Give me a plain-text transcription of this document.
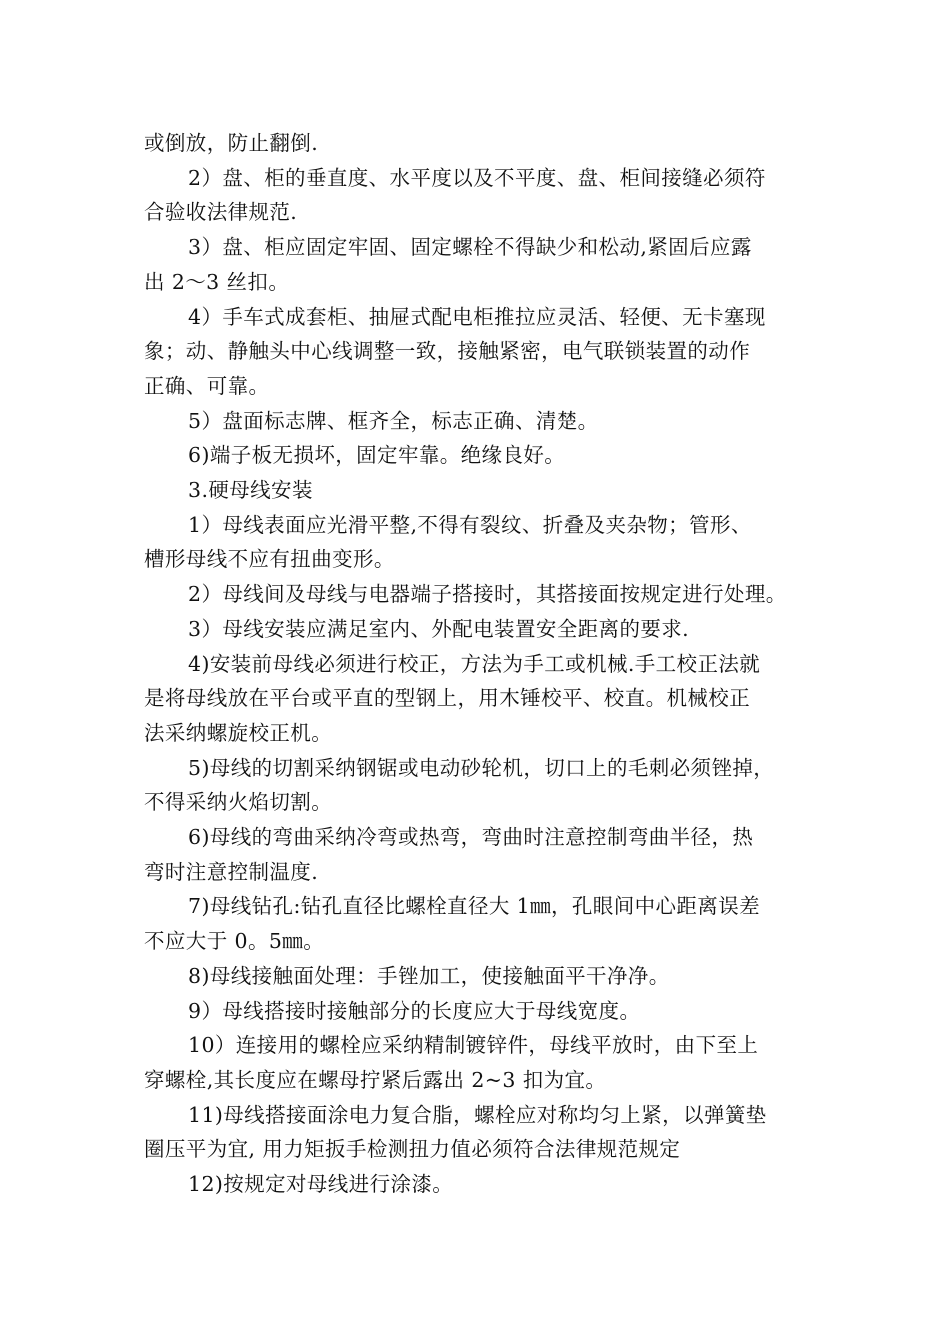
或倒放，防止翻倒.
2）盘、柜的垂直度、水平度以及不平度、盘、柜间接缝必须符
合验收法律规范.
3）盘、柜应固定牢固、固定螺栓不得缺少和松动,紧固后应露
出 2～3 丝扣。
4）手车式成套柜、抽屉式配电柜推拉应灵活、轻便、无卡塞现
象；动、静触头中心线调整一致，接触紧密，电气联锁装置的动作
正确、可靠。
5）盘面标志牌、框齐全，标志正确、清楚。
6)端子板无损坏，固定牢靠。绝缘良好。
3.硬母线安装
1）母线表面应光滑平整,不得有裂纹、折叠及夹杂物；管形、
槽形母线不应有扭曲变形。
2）母线间及母线与电器端子搭接时，其搭接面按规定进行处理。
3）母线安装应满足室内、外配电装置安全距离的要求.
4)安装前母线必须进行校正，方法为手工或机械.手工校正法就
是将母线放在平台或平直的型钢上，用木锤校平、校直。机械校正
法采纳螺旋校正机。
5)母线的切割采纳钢锯或电动砂轮机，切口上的毛刺必须锉掉，
不得采纳火焰切割。
6)母线的弯曲采纳冷弯或热弯，弯曲时注意控制弯曲半径，热
弯时注意控制温度.
7)母线钻孔:钻孔直径比螺栓直径大 1㎜，孔眼间中心距离误差
不应大于 0。5㎜。
8)母线接触面处理：手锉加工，使接触面平干净净。
9）母线搭接时接触部分的长度应大于母线宽度。
10）连接用的螺栓应采纳精制镀锌件，母线平放时，由下至上
穿螺栓,其长度应在螺母拧紧后露出 2~3 扣为宜。
11)母线搭接面涂电力复合脂，螺栓应对称均匀上紧，以弹簧垫
圈压平为宜, 用力矩扳手检测扭力值必须符合法律规范规定
12)按规定对母线进行涂漆。
